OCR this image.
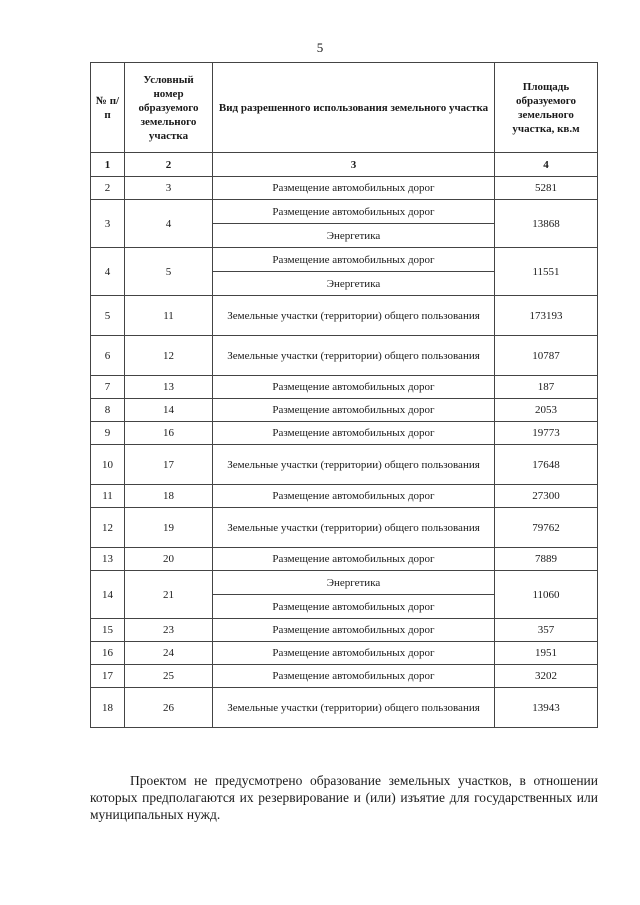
5
№ п/п	Условный номер образуемого земельного участка	Вид разрешенного использования земельного участка	Площадь образуемого земельного участка, кв.м
1	2	3	4
2	3	Размещение автомобильных дорог	5281
3	4	Размещение автомобильных дорог	13868
		Энергетика	
4	5	Размещение автомобильных дорог	11551
		Энергетика	
5	11	Земельные участки (территории) общего пользования	173193
6	12	Земельные участки (территории) общего пользования	10787
7	13	Размещение автомобильных дорог	187
8	14	Размещение автомобильных дорог	2053
9	16	Размещение автомобильных дорог	19773
10	17	Земельные участки (территории) общего пользования	17648
11	18	Размещение автомобильных дорог	27300
12	19	Земельные участки (территории) общего пользования	79762
13	20	Размещение автомобильных дорог	7889
14	21	Энергетика	11060
		Размещение автомобильных дорог	
15	23	Размещение автомобильных дорог	357
16	24	Размещение автомобильных дорог	1951
17	25	Размещение автомобильных дорог	3202
18	26	Земельные участки (территории) общего пользования	13943

Проектом не предусмотрено образование земельных участков, в отношении которых предполагаются их резервирование и (или) изъятие для государственных или муниципальных нужд.
